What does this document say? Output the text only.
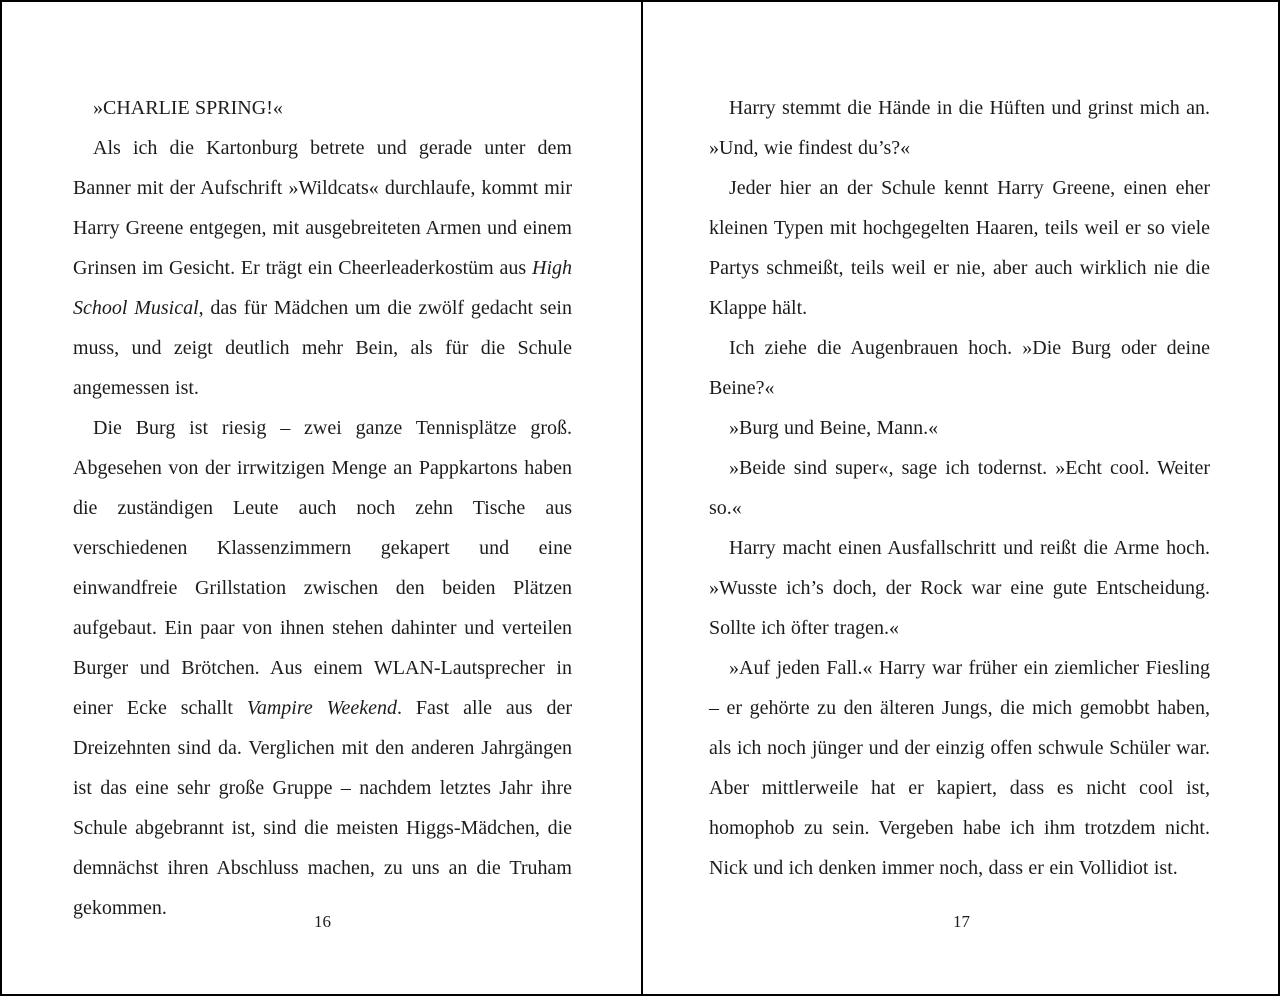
»CHARLIE SPRING!«

Als ich die Kartonburg betrete und gerade unter dem Banner mit der Aufschrift »Wildcats« durchlaufe, kommt mir Harry Greene entgegen, mit ausgebreiteten Armen und einem Grinsen im Gesicht. Er trägt ein Cheerleaderkostüm aus High School Musical, das für Mädchen um die zwölf gedacht sein muss, und zeigt deutlich mehr Bein, als für die Schule angemessen ist.

Die Burg ist riesig – zwei ganze Tennisplätze groß. Abgesehen von der irrwitzigen Menge an Pappkartons haben die zuständigen Leute auch noch zehn Tische aus verschiedenen Klassenzimmern gekapert und eine einwandfreie Grillstation zwischen den beiden Plätzen aufgebaut. Ein paar von ihnen stehen dahinter und verteilen Burger und Brötchen. Aus einem WLAN-Lautsprecher in einer Ecke schallt Vampire Weekend. Fast alle aus der Dreizehnten sind da. Verglichen mit den anderen Jahrgängen ist das eine sehr große Gruppe – nachdem letztes Jahr ihre Schule abgebrannt ist, sind die meisten Higgs-Mädchen, die demnächst ihren Abschluss machen, zu uns an die Truham gekommen.

16

Harry stemmt die Hände in die Hüften und grinst mich an. »Und, wie findest du’s?«

Jeder hier an der Schule kennt Harry Greene, einen eher kleinen Typen mit hochgegelten Haaren, teils weil er so viele Partys schmeißt, teils weil er nie, aber auch wirklich nie die Klappe hält.

Ich ziehe die Augenbrauen hoch. »Die Burg oder deine Beine?«

»Burg und Beine, Mann.«

»Beide sind super«, sage ich todernst. »Echt cool. Weiter so.«

Harry macht einen Ausfallschritt und reißt die Arme hoch. »Wusste ich’s doch, der Rock war eine gute Entscheidung. Sollte ich öfter tragen.«

»Auf jeden Fall.« Harry war früher ein ziemlicher Fiesling – er gehörte zu den älteren Jungs, die mich gemobbt haben, als ich noch jünger und der einzig offen schwule Schüler war. Aber mittlerweile hat er kapiert, dass es nicht cool ist, homophob zu sein. Vergeben habe ich ihm trotzdem nicht. Nick und ich denken immer noch, dass er ein Vollidiot ist.

17
